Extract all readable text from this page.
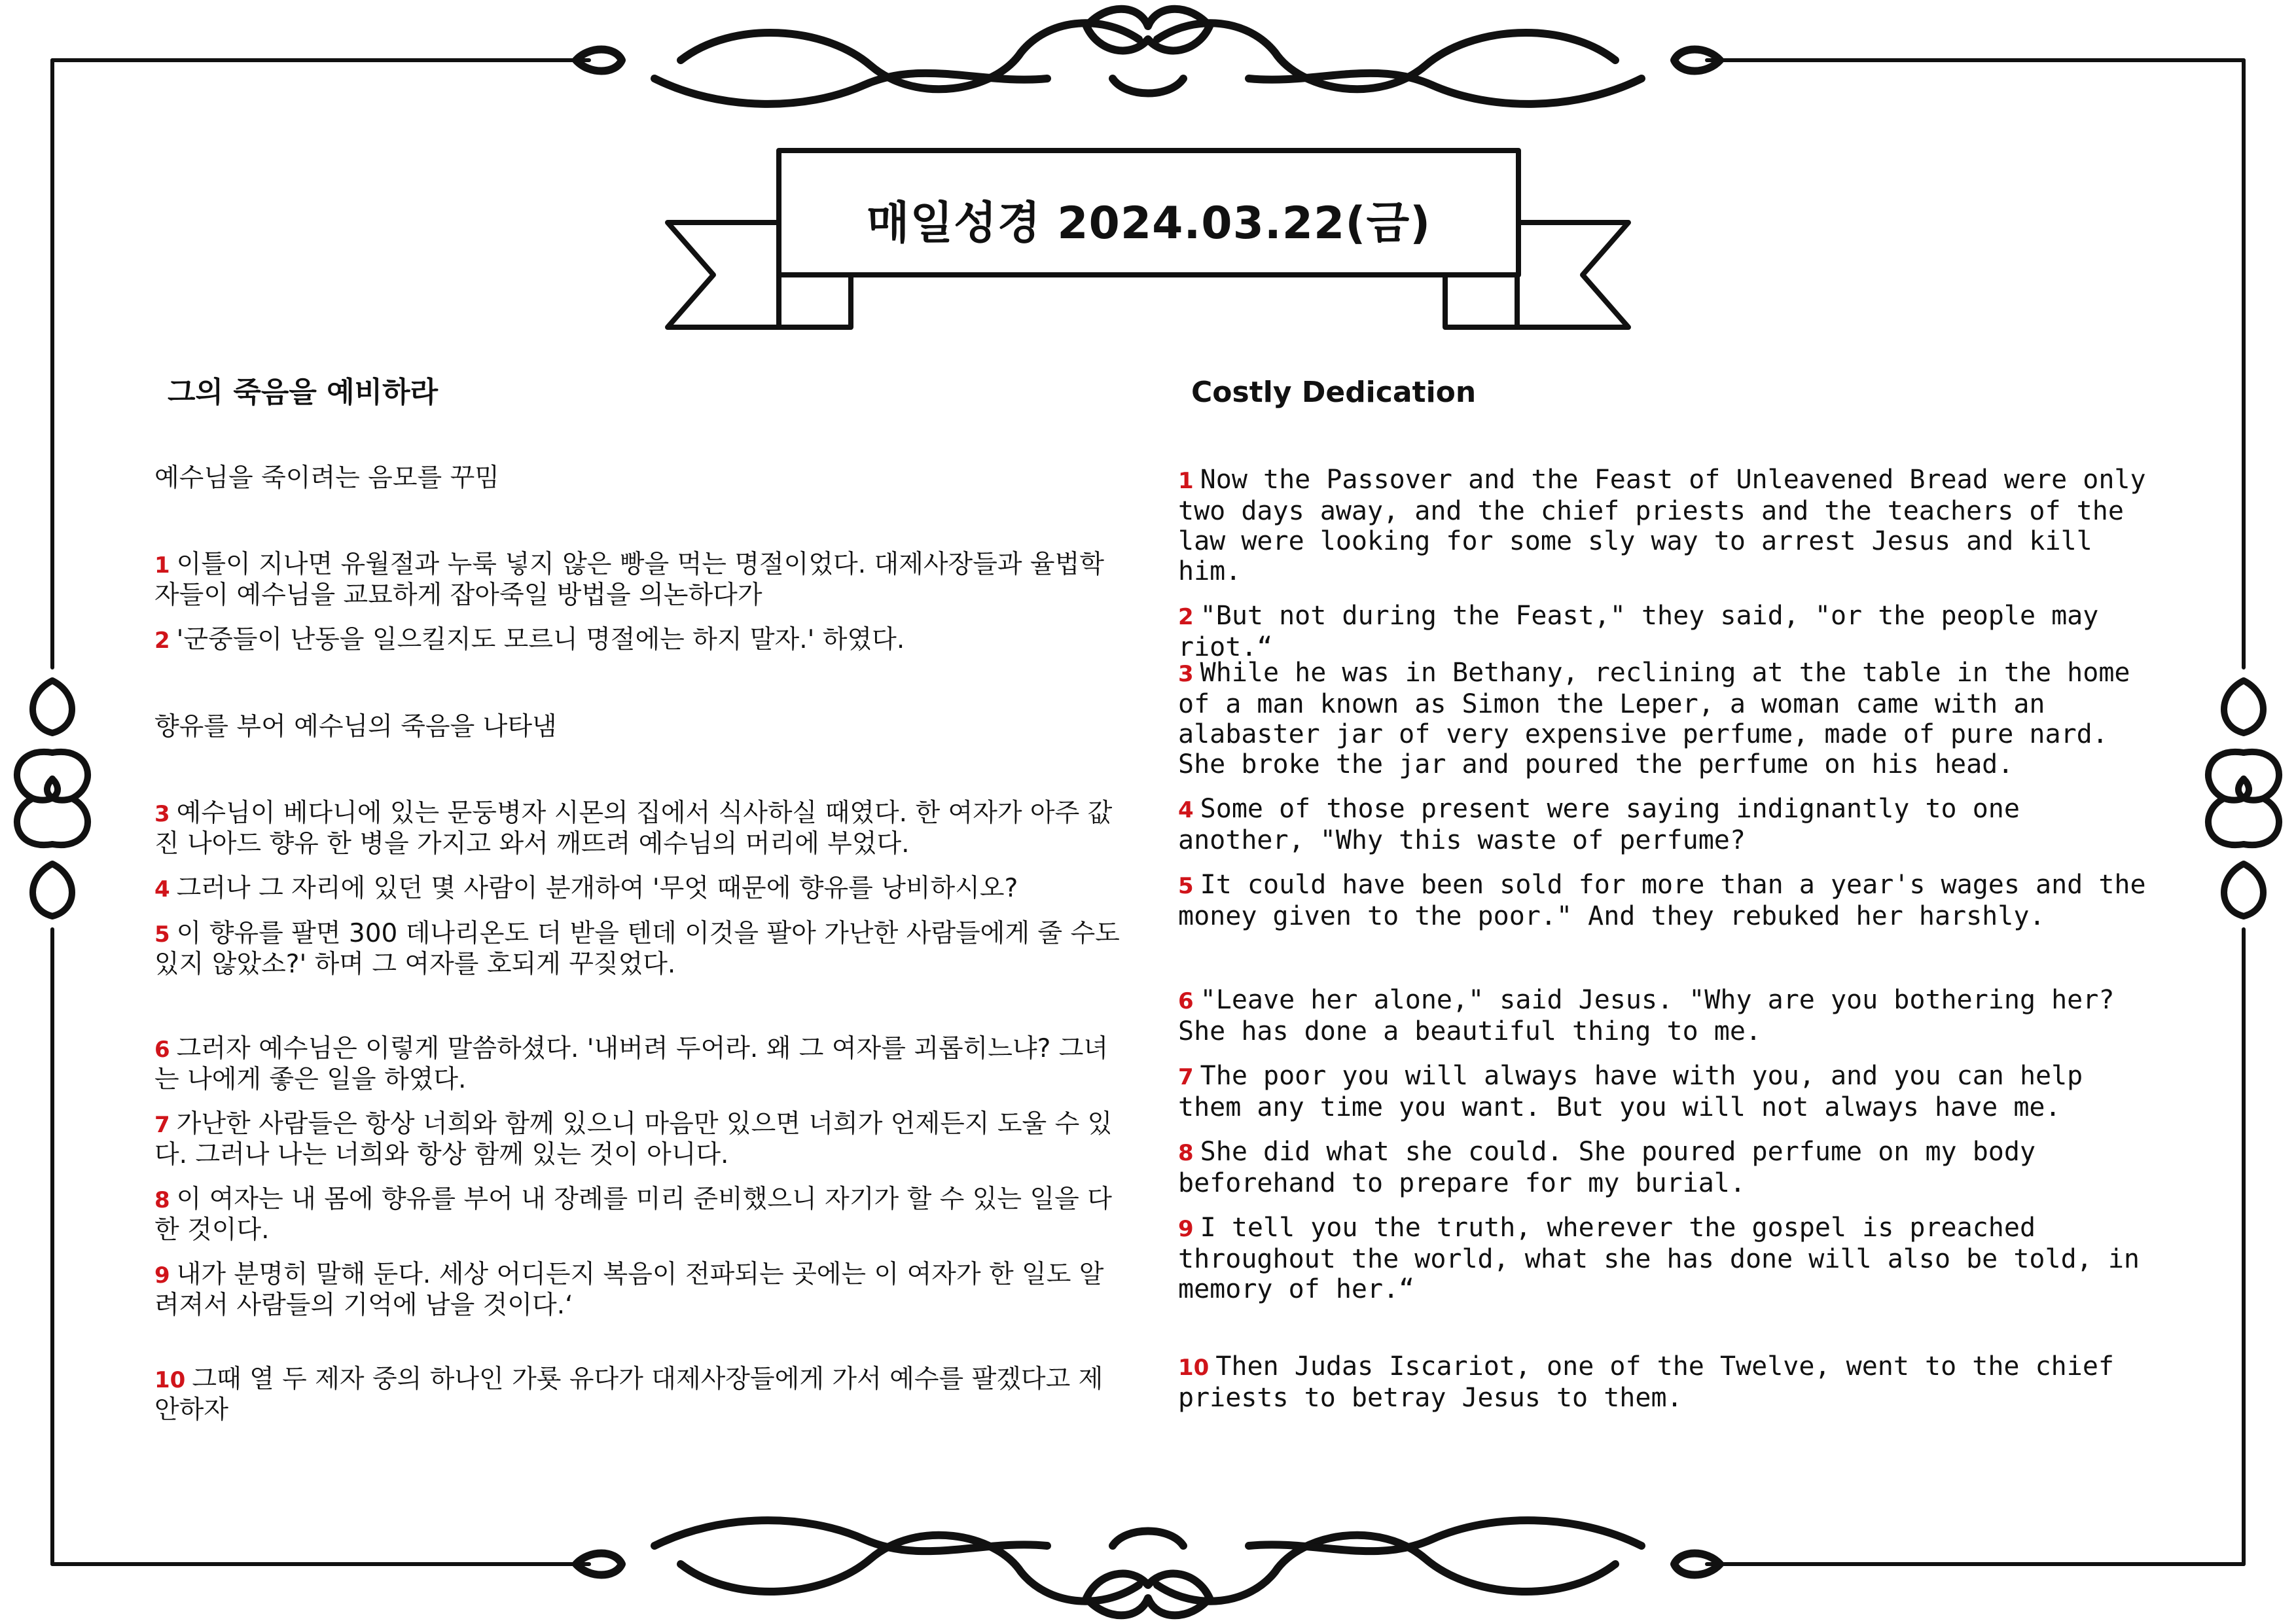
매일성경 2024.03.22(금)
그의 죽음을 예비하라
예수님을 죽이려는 음모를 꾸밈
1 이틀이 지나면 유월절과 누룩 넣지 않은 빵을 먹는 명절이었다. 대제사장들과 율법학자들이 예수님을 교묘하게 잡아죽일 방법을 의논하다가
2 '군중들이 난동을 일으킬지도 모르니 명절에는 하지 말자.' 하였다.
향유를 부어 예수님의 죽음을 나타냄
3 예수님이 베다니에 있는 문둥병자 시몬의 집에서 식사하실 때였다. 한 여자가 아주 값진 나아드 향유 한 병을 가지고 와서 깨뜨려 예수님의 머리에 부었다.
4 그러나 그 자리에 있던 몇 사람이 분개하여 '무엇 때문에 향유를 낭비하시오?
5 이 향유를 팔면 300 데나리온도 더 받을 텐데 이것을 팔아 가난한 사람들에게 줄 수도 있지 않았소?' 하며 그 여자를 호되게 꾸짖었다.
6 그러자 예수님은 이렇게 말씀하셨다. '내버려 두어라. 왜 그 여자를 괴롭히느냐? 그녀는 나에게 좋은 일을 하였다.
7 가난한 사람들은 항상 너희와 함께 있으니 마음만 있으면 너희가 언제든지 도울 수 있다. 그러나 나는 너희와 항상 함께 있는 것이 아니다.
8 이 여자는 내 몸에 향유를 부어 내 장례를 미리 준비했으니 자기가 할 수 있는 일을 다 한 것이다.
9 내가 분명히 말해 둔다. 세상 어디든지 복음이 전파되는 곳에는 이 여자가 한 일도 알려져서 사람들의 기억에 남을 것이다.‘
10 그때 열 두 제자 중의 하나인 가룟 유다가 대제사장들에게 가서 예수를 팔겠다고 제안하자
Costly Dedication
1 Now the Passover and the Feast of Unleavened Bread were only two days away, and the chief priests and the teachers of the law were looking for some sly way to arrest Jesus and kill him.
2 "But not during the Feast," they said, "or the people may riot.“
3 While he was in Bethany, reclining at the table in the home of a man known as Simon the Leper, a woman came with an alabaster jar of very expensive perfume, made of pure nard. She broke the jar and poured the perfume on his head.
4 Some of those present were saying indignantly to one another, "Why this waste of perfume?
5 It could have been sold for more than a year's wages and the money given to the poor." And they rebuked her harshly.
6 "Leave her alone," said Jesus. "Why are you bothering her? She has done a beautiful thing to me.
7 The poor you will always have with you, and you can help them any time you want. But you will not always have me.
8 She did what she could. She poured perfume on my body beforehand to prepare for my burial.
9 I tell you the truth, wherever the gospel is preached throughout the world, what she has done will also be told, in memory of her.“
10 Then Judas Iscariot, one of the Twelve, went to the chief priests to betray Jesus to them.
